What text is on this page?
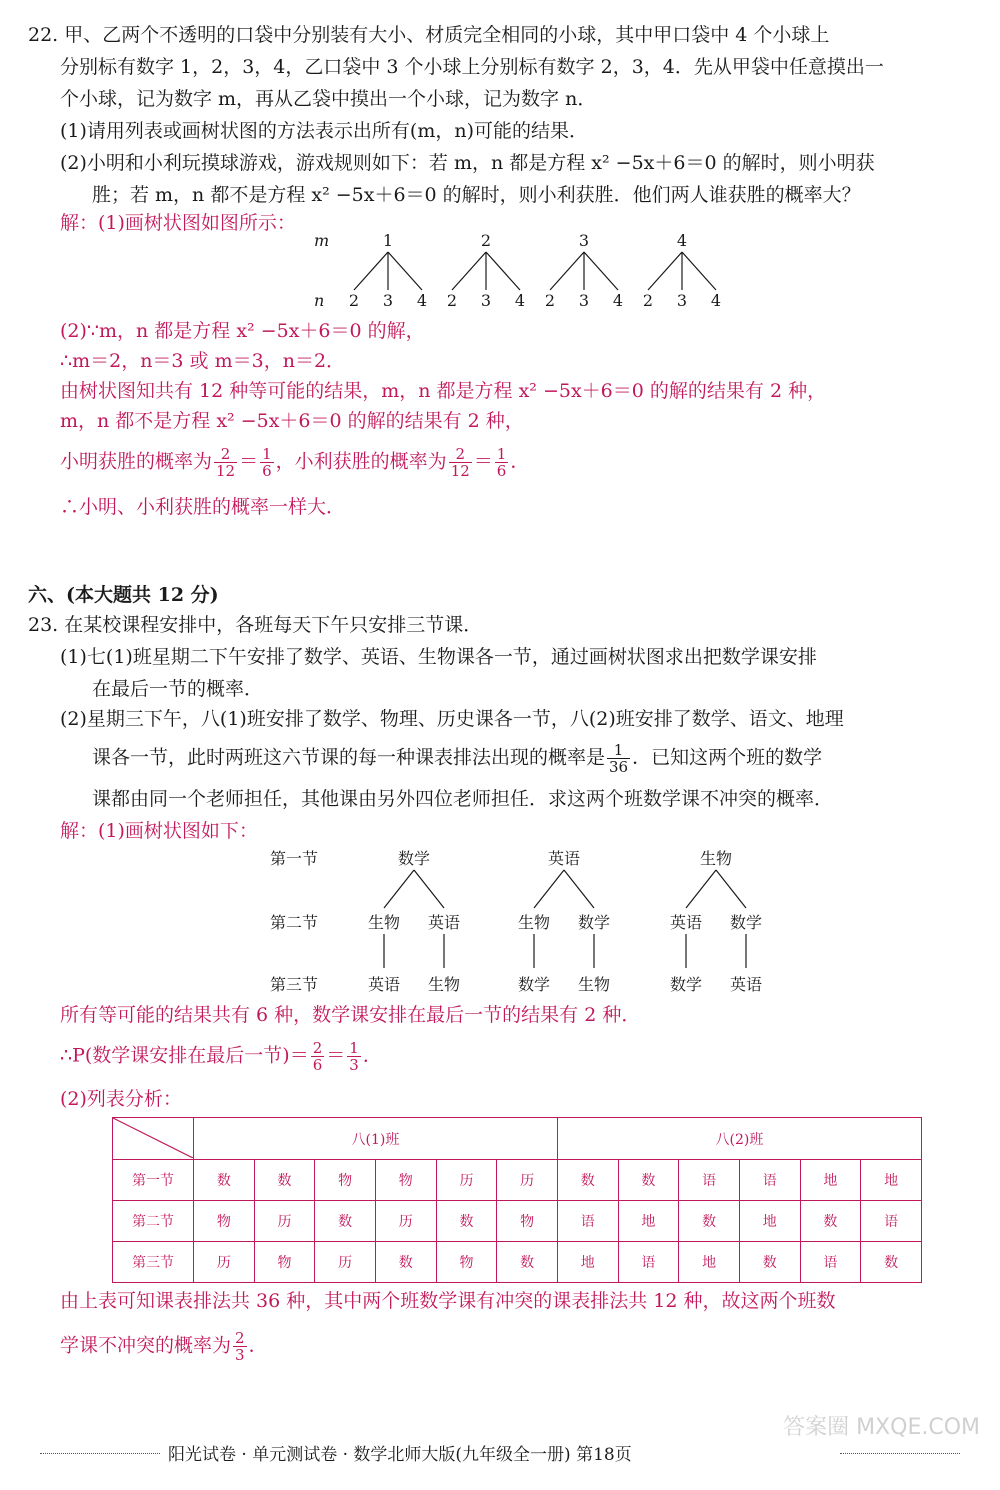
22. 甲、乙两个不透明的口袋中分别装有大小、材质完全相同的小球，其中甲口袋中 4 个小球上
分别标有数字 1，2，3，4，乙口袋中 3 个小球上分别标有数字 2，3，4．先从甲袋中任意摸出一
个小球，记为数字 m，再从乙袋中摸出一个小球，记为数字 n．
(1)请用列表或画树状图的方法表示出所有(m，n)可能的结果．
(2)小明和小利玩摸球游戏，游戏规则如下：若 m，n 都是方程 x² −5x＋6＝0 的解时，则小明获
胜；若 m，n 都不是方程 x² −5x＋6＝0 的解时，则小利获胜．他们两人谁获胜的概率大？
解：(1)画树状图如图所示：
m
n
1
2 3 4
2
2 3 4
3
2 3 4
4
2 3 4
(2)∵m，n 都是方程 x² −5x＋6＝0 的解，
∴m＝2，n＝3 或 m＝3，n＝2．
由树状图知共有 12 种等可能的结果，m，n 都是方程 x² −5x＋6＝0 的解的结果有 2 种，
m，n 都不是方程 x² −5x＋6＝0 的解的结果有 2 种，
小明获胜的概率为 $\frac{2}{12} = \frac{1}{6}$ ，小利获胜的概率为 $\frac{2}{12} = \frac{1}{6}$ ．
∴小明、小利获胜的概率一样大．
六、(本大题共 12 分)
23. 在某校课程安排中，各班每天下午只安排三节课．
(1)七(1)班星期二下午安排了数学、英语、生物课各一节，通过画树状图求出把数学课安排
在最后一节的概率．
(2)星期三下午，八(1)班安排了数学、物理、历史课各一节，八(2)班安排了数学、语文、地理
课各一节，此时两班这六节课的每一种课表排法出现的概率是 $\frac{1}{36}$ ．已知这两个班的数学
课都由同一个老师担任，其他课由另外四位老师担任．求这两个班数学课不冲突的概率．
解：(1)画树状图如下：
第一节
第二节
第三节
数学
生物
英语
英语
生物
英语
生物
数学
数学
生物
生物
英语
数学
数学
英语
所有等可能的结果共有 6 种，数学课安排在最后一节的结果有 2 种．
∴P(数学课安排在最后一节)＝ $\frac{2}{6} = \frac{1}{3}$ ．
(2)列表分析：
	八(1)班						八(2)班					
第一节	数	数	物	物	历	历	数	数	语	语	地	地
第二节	物	历	数	历	数	物	语	地	数	地	数	语
第三节	历	物	历	数	物	数	地	语	地	数	语	数
由上表可知课表排法共 36 种，其中两个班数学课有冲突的课表排法共 12 种，故这两个班数
学课不冲突的概率为 $\frac{2}{3}$ ．
阳光试卷 · 单元测试卷 · 数学北师大版(九年级全一册) 第18页
答案圈 MXQE.COM
